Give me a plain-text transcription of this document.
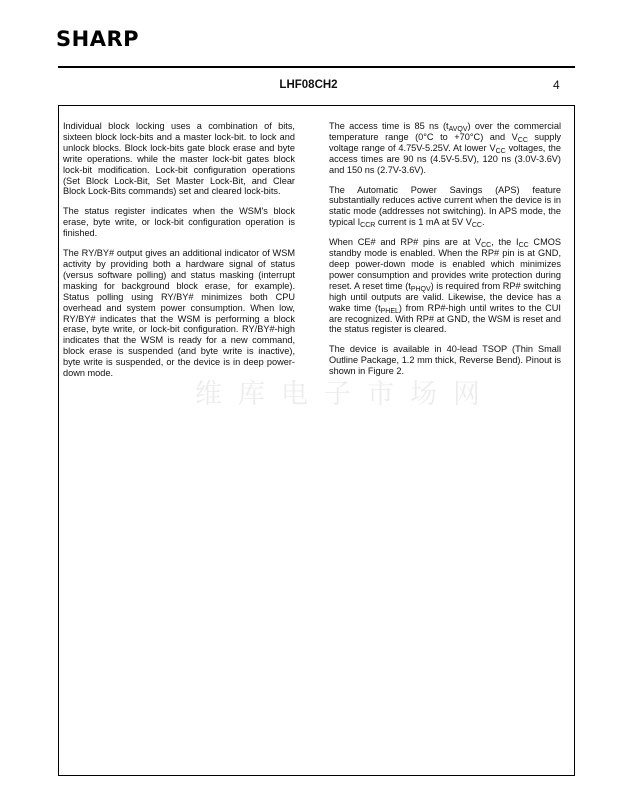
SHARP
LHF08CH2	4
维库电子市场网

Individual block locking uses a combination of bits, sixteen block lock-bits and a master lock-bit. to lock and unlock blocks. Block lock-bits gate block erase and byte write operations. while the master lock-bit gates block lock-bit modification. Lock-bit configuration operations (Set Block Lock-Bit, Set Master Lock-Bit, and Clear Block Lock-Bits commands) set and cleared lock-bits.

The status register indicates when the WSM's block erase, byte write, or lock-bit configuration operation is finished.

The RY/BY# output gives an additional indicator of WSM activity by providing both a hardware signal of status (versus software polling) and status masking (interrupt masking for background block erase, for example). Status polling using RY/BY# minimizes both CPU overhead and system power consumption. When low, RY/BY# indicates that the WSM is performing a block erase, byte write, or lock-bit configuration. RY/BY#-high indicates that the WSM is ready for a new command, block erase is suspended (and byte write is inactive), byte write is suspended, or the device is in deep power-down mode.

The access time is 85 ns $(t_{AVQV})$ over the commercial temperature range (0°C to +70°C) and $V_{CC}$ supply voltage range of 4.75V-5.25V. At lower $V_{CC}$ voltages, the access times are 90 ns (4.5V-5.5V), 120 ns (3.0V-3.6V) and 150 ns (2.7V-3.6V).

The Automatic Power Savings (APS) feature substantially reduces active current when the device is in static mode (addresses not switching). In APS mode, the typical $I_{CCR}$ current is 1 mA at 5V $V_{CC}$.

When CE# and RP# pins are at $V_{CC}$, the $I_{CC}$ CMOS standby mode is enabled. When the RP# pin is at GND, deep power-down mode is enabled which minimizes power consumption and provides write protection during reset. A reset time $(t_{PHQV})$ is required from RP# switching high until outputs are valid. Likewise, the device has a wake time $(t_{PHEL})$ from RP#-high until writes to the CUI are recognized. With RP# at GND, the WSM is reset and the status register is cleared.

The device is available in 40-lead TSOP (Thin Small Outline Package, 1.2 mm thick, Reverse Bend). Pinout is shown in Figure 2.
